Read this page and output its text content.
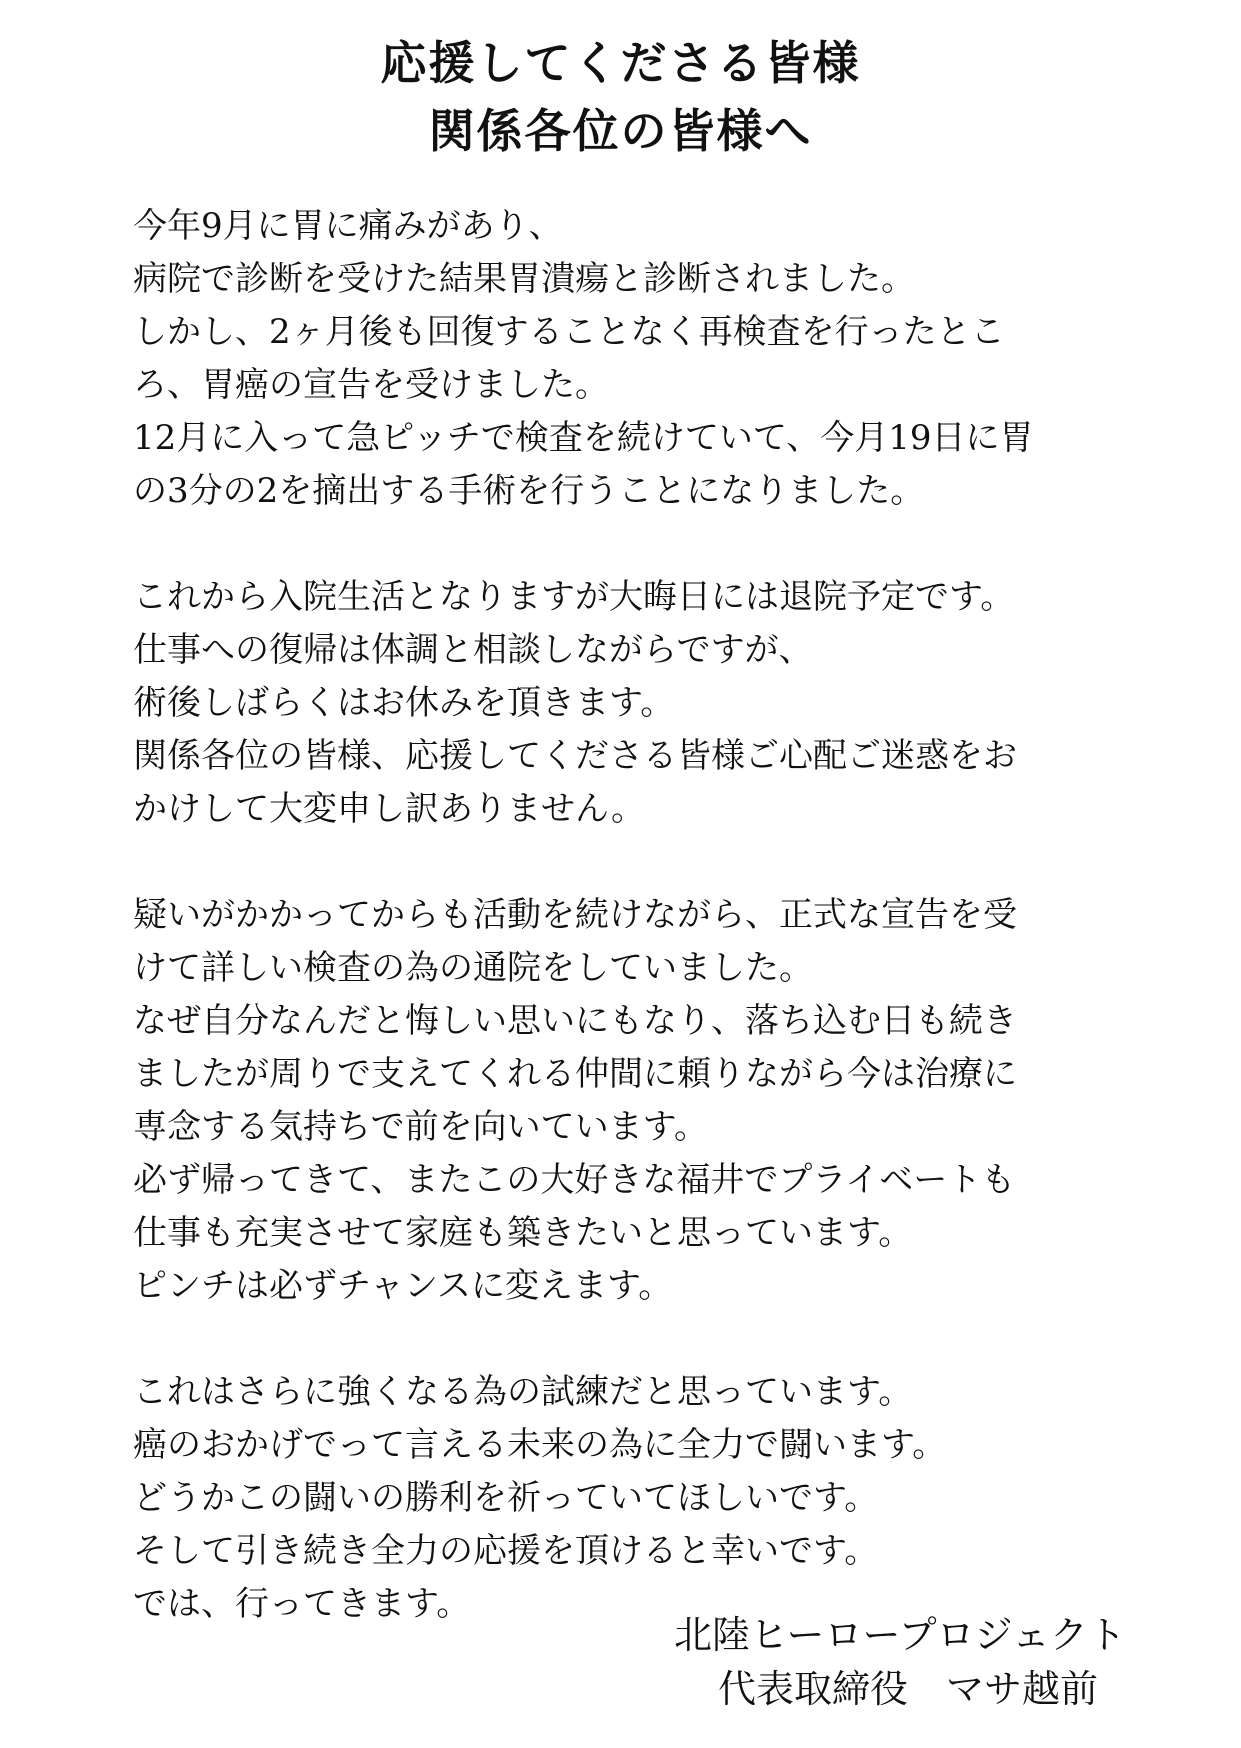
応援してくださる皆様
関係各位の皆様へ
今年9月に胃に痛みがあり、
病院で診断を受けた結果胃潰瘍と診断されました。
しかし、2ヶ月後も回復することなく再検査を行ったとこ
ろ、胃癌の宣告を受けました。
12月に入って急ピッチで検査を続けていて、今月19日に胃
の3分の2を摘出する手術を行うことになりました。
これから入院生活となりますが大晦日には退院予定です。
仕事への復帰は体調と相談しながらですが、
術後しばらくはお休みを頂きます。
関係各位の皆様、応援してくださる皆様ご心配ご迷惑をお
かけして大変申し訳ありません。
疑いがかかってからも活動を続けながら、正式な宣告を受
けて詳しい検査の為の通院をしていました。
なぜ自分なんだと悔しい思いにもなり、落ち込む日も続き
ましたが周りで支えてくれる仲間に頼りながら今は治療に
専念する気持ちで前を向いています。
必ず帰ってきて、またこの大好きな福井でプライベートも
仕事も充実させて家庭も築きたいと思っています。
ピンチは必ずチャンスに変えます。
これはさらに強くなる為の試練だと思っています。
癌のおかげでって言える未来の為に全力で闘います。
どうかこの闘いの勝利を祈っていてほしいです。
そして引き続き全力の応援を頂けると幸いです。
では、行ってきます。
北陸ヒーロープロジェクト
代表取締役　マサ越前
